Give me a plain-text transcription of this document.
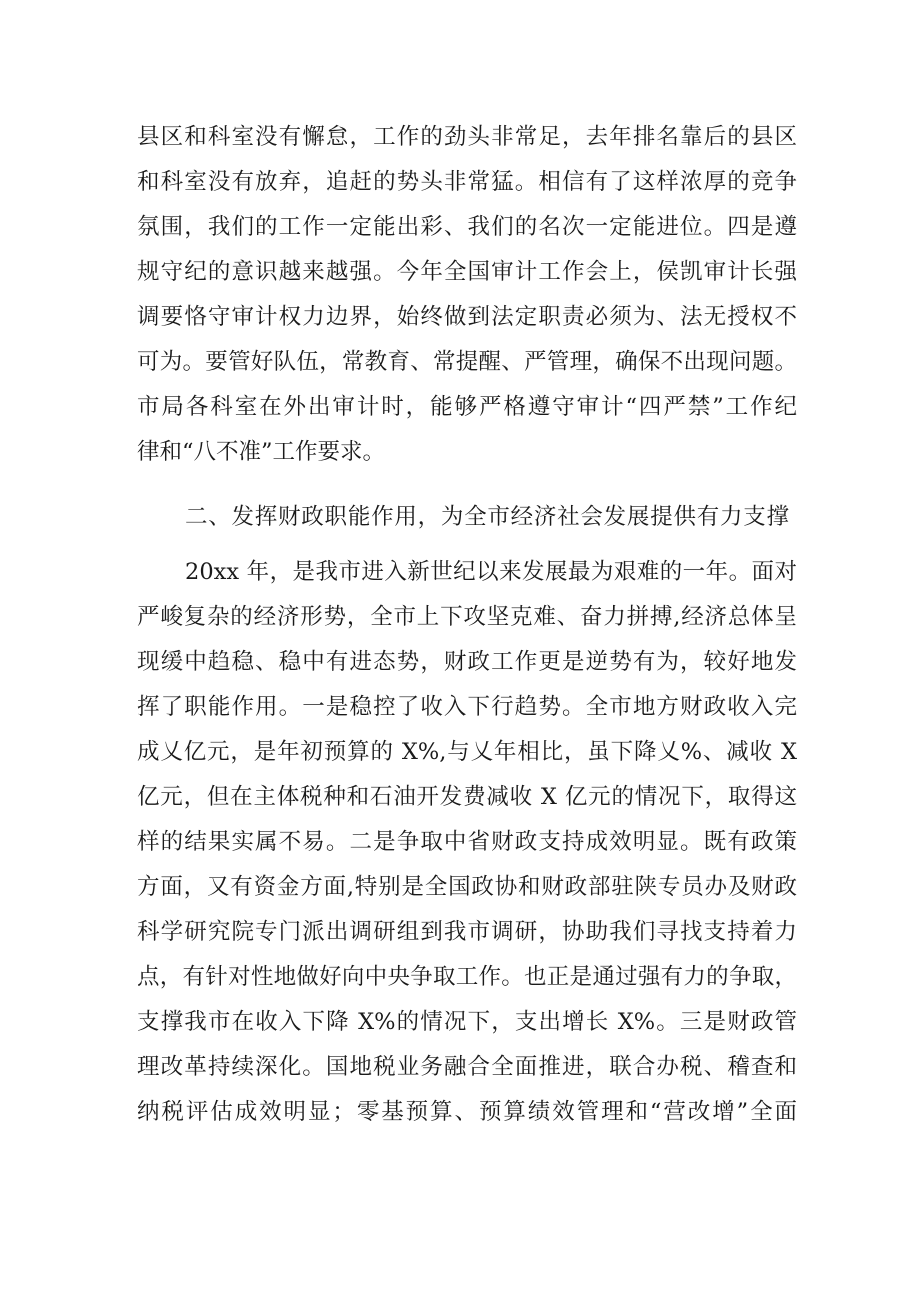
县区和科室没有懈怠，工作的劲头非常足，去年排名靠后的县区
和科室没有放弃，追赶的势头非常猛。相信有了这样浓厚的竞争
氛围，我们的工作一定能出彩、我们的名次一定能进位。四是遵
规守纪的意识越来越强。今年全国审计工作会上，侯凯审计长强
调要恪守审计权力边界，始终做到法定职责必须为、法无授权不
可为。要管好队伍，常教育、常提醒、严管理，确保不出现问题。
市局各科室在外出审计时，能够严格遵守审计“四严禁”工作纪
律和“八不准”工作要求。
二、发挥财政职能作用，为全市经济社会发展提供有力支撑
20xx 年，是我市进入新世纪以来发展最为艰难的一年。面对
严峻复杂的经济形势，全市上下攻坚克难、奋力拼搏,经济总体呈
现缓中趋稳、稳中有进态势，财政工作更是逆势有为，较好地发
挥了职能作用。一是稳控了收入下行趋势。全市地方财政收入完
成乂亿元，是年初预算的 X%,与乂年相比，虽下降乂%、减收 X
亿元，但在主体税种和石油开发费减收 X 亿元的情况下，取得这
样的结果实属不易。二是争取中省财政支持成效明显。既有政策
方面，又有资金方面,特别是全国政协和财政部驻陕专员办及财政
科学研究院专门派出调研组到我市调研，协助我们寻找支持着力
点，有针对性地做好向中央争取工作。也正是通过强有力的争取，
支撑我市在收入下降 X%的情况下，支出增长 X%。三是财政管
理改革持续深化。国地税业务融合全面推进，联合办税、稽查和
纳税评估成效明显；零基预算、预算绩效管理和“营改增”全面
